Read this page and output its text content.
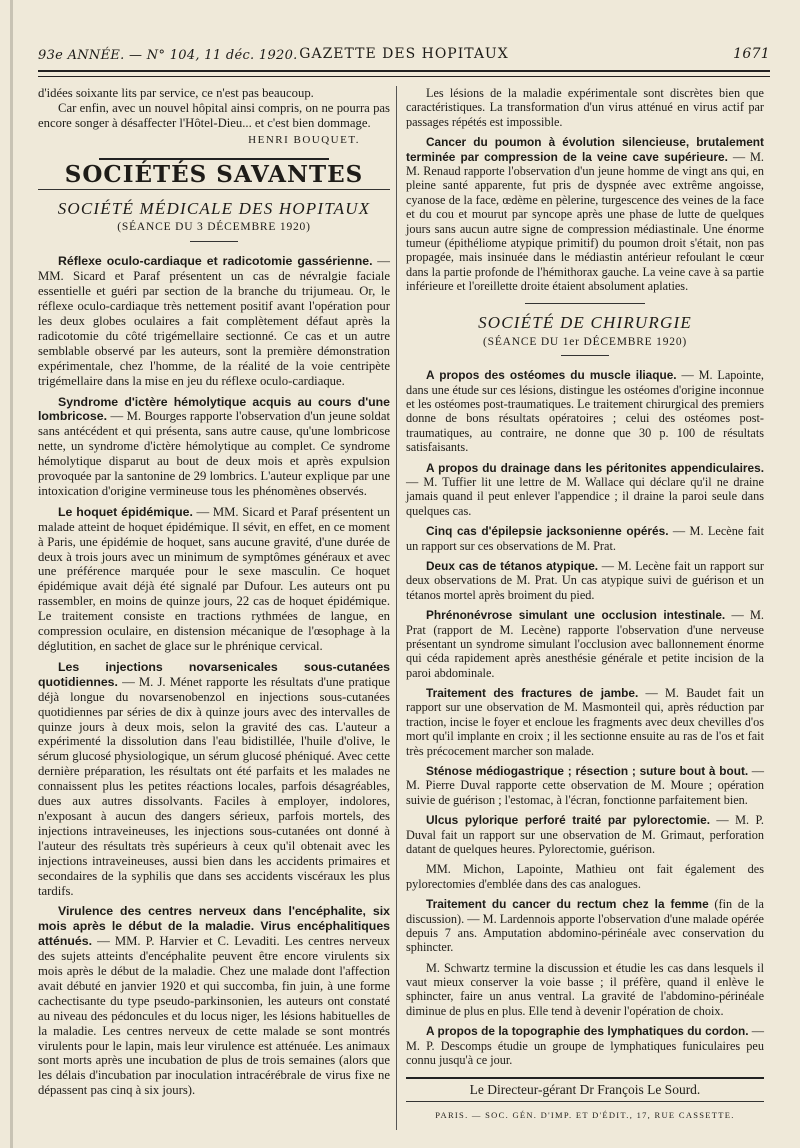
93e ANNÉE. — N° 104, 11 déc. 1920. GAZETTE DES HOPITAUX	1671

d'idées soixante lits par service, ce n'est pas beaucoup.

Car enfin, avec un nouvel hôpital ainsi compris, on ne pourra pas encore songer à désaffecter l'Hôtel-Dieu... et c'est bien dommage.

HENRI BOUQUET.

SOCIÉTÉS SAVANTES
SOCIÉTÉ MÉDICALE DES HOPITAUX
(SÉANCE DU 3 DÉCEMBRE 1920)

Réflexe oculo-cardiaque et radicotomie gassérienne. — MM. Sicard et Paraf présentent un cas de névralgie faciale essentielle et guéri par section de la branche du trijumeau. Or, le réflexe oculo-cardiaque très nettement positif avant l'opération pour les deux globes oculaires a fait complètement défaut après la radicotomie du côté trigémellaire sectionné. Ce cas et un autre semblable observé par les auteurs, sont la première démonstration expérimentale, chez l'homme, de la réalité de la voie centripète trigémellaire dans la mise en jeu du réflexe oculo-cardiaque.

Syndrome d'ictère hémolytique acquis au cours d'une lombricose. — M. Bourges rapporte l'observation d'un jeune soldat sans antécédent et qui présenta, sans autre cause, qu'une lombricose nette, un syndrome d'ictère hémolytique au complet. Ce syndrome hémolytique disparut au bout de deux mois et après expulsion provoquée par la santonine de 29 lombrics. L'auteur explique par une intoxication d'origine vermineuse tous les phénomènes observés.

Le hoquet épidémique. — MM. Sicard et Paraf présentent un malade atteint de hoquet épidémique. Il sévit, en effet, en ce moment à Paris, une épidémie de hoquet, sans aucune gravité, d'une durée de deux à trois jours avec un minimum de symptômes généraux et avec une préférence marquée pour le sexe masculin. Ce hoquet épidémique avait déjà été signalé par Dufour. Les auteurs ont pu rassembler, en moins de quinze jours, 22 cas de hoquet épidémique. Le traitement consiste en tractions rythmées de langue, en compression oculaire, en distension mécanique de l'œsophage à la déglutition, en sachet de glace sur le phrénique cervical.

Les injections novarsenicales sous-cutanées quotidiennes. — M. J. Ménet rapporte les résultats d'une pratique déjà longue du novarsenobenzol en injections sous-cutanées quotidiennes par séries de dix à quinze jours avec des intervalles de quinze jours à deux mois, selon la gravité des cas. L'auteur a expérimenté la dissolution dans l'eau bidistillée, l'huile d'olive, le sérum glucosé physiologique, un sérum glucosé phéniqué. Avec cette dernière préparation, les résultats ont été parfaits et les malades ne connaissent plus les petites réactions locales, parfois désagréables, dues aux autres dissolvants. Faciles à employer, indolores, n'exposant à aucun des dangers sérieux, parfois mortels, des injections intraveineuses, les injections sous-cutanées ont donné à l'auteur des résultats très supérieurs à ceux qu'il obtenait avec les injections intraveineuses, aussi bien dans les accidents primaires et secondaires de la syphilis que dans ses accidents viscéraux les plus tardifs.

Virulence des centres nerveux dans l'encéphalite, six mois après le début de la maladie. Virus encéphalitiques atténués. — MM. P. Harvier et C. Levaditi. Les centres nerveux des sujets atteints d'encéphalite peuvent être encore virulents six mois après le début de la maladie. Chez une malade dont l'affection avait débuté en janvier 1920 et qui succomba, fin juin, à une forme cachectisante du type pseudo-parkinsonien, les auteurs ont constaté au niveau des pédoncules et du locus niger, les lésions habituelles de la maladie. Les centres nerveux de cette malade se sont montrés virulents pour le lapin, mais leur virulence est atténuée. Les animaux sont morts après une incubation de plus de trois semaines (alors que les délais d'incubation par inoculation intracérébrale de virus fixe ne dépassent pas cinq à six jours).

Les lésions de la maladie expérimentale sont discrètes bien que caractéristiques. La transformation d'un virus atténué en virus actif par passages répétés est impossible.

Cancer du poumon à évolution silencieuse, brutalement terminée par compression de la veine cave supérieure. — M. M. Renaud rapporte l'observation d'un jeune homme de vingt ans qui, en pleine santé apparente, fut pris de dyspnée avec extrême angoisse, cyanose de la face, œdème en pèlerine, turgescence des veines de la face et du cou et mourut par syncope après une phase de lutte de quelques jours sans aucun autre signe de compression médiastinale. Une énorme tumeur (épithéliome atypique primitif) du poumon droit s'était, non pas propagée, mais insinuée dans le médiastin antérieur refoulant le cœur dans la partie profonde de l'hémithorax gauche. La veine cave à sa partie inférieure et l'oreillette droite étaient absolument aplaties.

SOCIÉTÉ DE CHIRURGIE
(SÉANCE DU 1er DÉCEMBRE 1920)

A propos des ostéomes du muscle iliaque. — M. Lapointe, dans une étude sur ces lésions, distingue les ostéomes d'origine inconnue et les ostéomes post-traumatiques. Le traitement chirurgical des premiers donne de bons résultats opératoires ; celui des ostéomes post-traumatiques, au contraire, ne donne que 30 p. 100 de résultats satisfaisants.

A propos du drainage dans les péritonites appendiculaires. — M. Tuffier lit une lettre de M. Wallace qui déclare qu'il ne draine jamais quand il peut enlever l'appendice ; il draine la paroi seule dans quelques cas.

Cinq cas d'épilepsie jacksonienne opérés. — M. Lecène fait un rapport sur ces observations de M. Prat.

Deux cas de tétanos atypique. — M. Lecène fait un rapport sur deux observations de M. Prat. Un cas atypique suivi de guérison et un tétanos mortel après broiment du pied.

Phrénonévrose simulant une occlusion intestinale. — M. Prat (rapport de M. Lecène) rapporte l'observation d'une nerveuse présentant un syndrome simulant l'occlusion avec ballonnement énorme qui céda rapidement après anesthésie générale et petite incision de la paroi abdominale.

Traitement des fractures de jambe. — M. Baudet fait un rapport sur une observation de M. Masmonteil qui, après réduction par traction, incise le foyer et encloue les fragments avec deux chevilles d'os mort qu'il implante en croix ; il les sectionne ensuite au ras de l'os et fait très précocement marcher son malade.

Sténose médiogastrique ; résection ; suture bout à bout. — M. Pierre Duval rapporte cette observation de M. Moure ; opération suivie de guérison ; l'estomac, à l'écran, fonctionne parfaitement bien.

Ulcus pylorique perforé traité par pylorectomie. — M. P. Duval fait un rapport sur une observation de M. Grimaut, perforation datant de quelques heures. Pylorectomie, guérison.

MM. Michon, Lapointe, Mathieu ont fait également des pylorectomies d'emblée dans des cas analogues.

Traitement du cancer du rectum chez la femme (fin de la discussion). — M. Lardennois apporte l'observation d'une malade opérée depuis 7 ans. Amputation abdomino-périnéale avec conservation du sphincter.

M. Schwartz termine la discussion et étudie les cas dans lesquels il vaut mieux conserver la voie basse ; il préfère, quand il enlève le sphincter, faire un anus ventral. La gravité de l'abdomino-périnéale diminue de plus en plus. Elle tend à devenir l'opération de choix.

A propos de la topographie des lymphatiques du cordon. — M. P. Descomps étudie un groupe de lymphatiques funiculaires peu connu jusqu'à ce jour.

Le Directeur-gérant Dr François Le Sourd.
PARIS. — SOC. GÉN. D'IMP. ET D'ÉDIT., 17, RUE CASSETTE.
